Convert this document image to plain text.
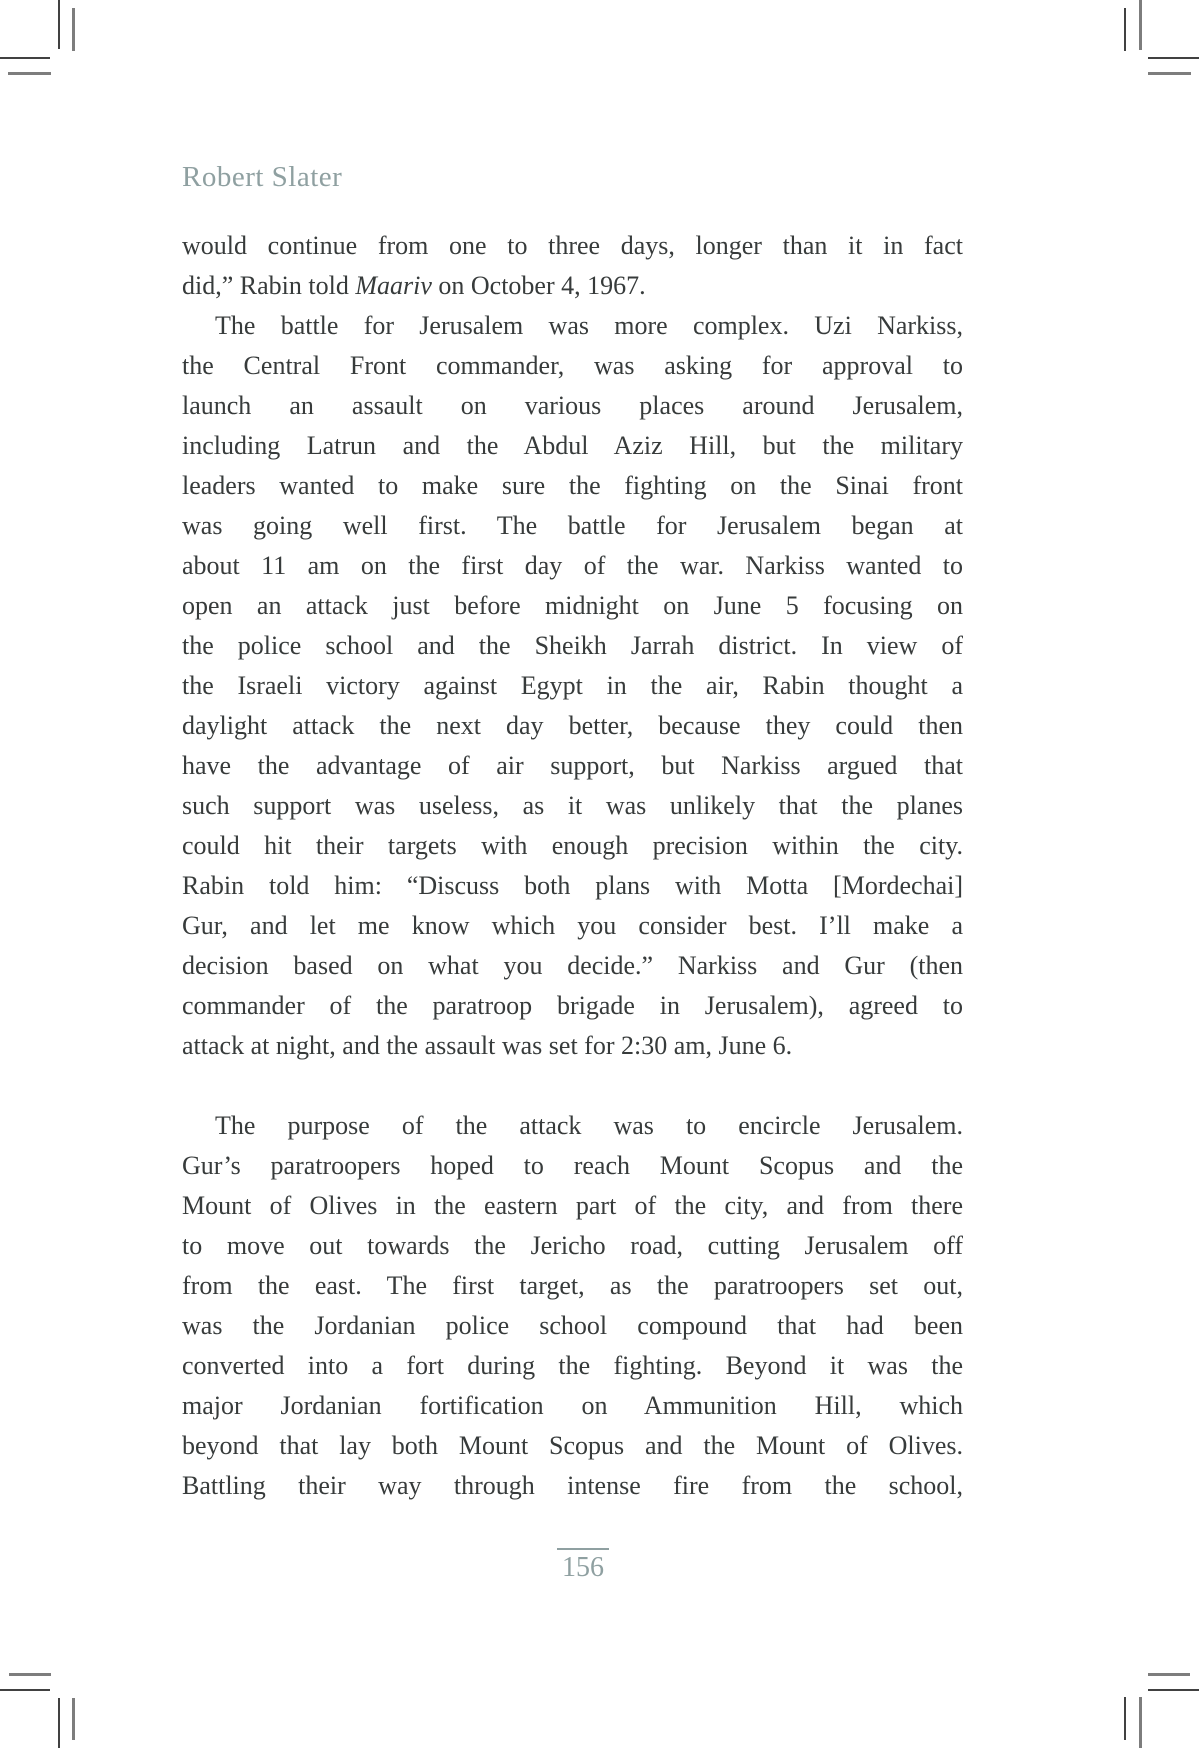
Robert Slater
would continue from one to three days, longer than it in fact
did,” Rabin told Maariv on October 4, 1967.
The battle for Jerusalem was more complex. Uzi Narkiss,
the Central Front commander, was asking for approval to
launch an assault on various places around Jerusalem,
including Latrun and the Abdul Aziz Hill, but the military
leaders wanted to make sure the fighting on the Sinai front
was going well first. The battle for Jerusalem began at
about 11 am on the first day of the war. Narkiss wanted to
open an attack just before midnight on June 5 focusing on
the police school and the Sheikh Jarrah district. In view of
the Israeli victory against Egypt in the air, Rabin thought a
daylight attack the next day better, because they could then
have the advantage of air support, but Narkiss argued that
such support was useless, as it was unlikely that the planes
could hit their targets with enough precision within the city.
Rabin told him: “Discuss both plans with Motta [Mordechai]
Gur, and let me know which you consider best. I’ll make a
decision based on what you decide.” Narkiss and Gur (then
commander of the paratroop brigade in Jerusalem), agreed to
attack at night, and the assault was set for 2:30 am, June 6.
The purpose of the attack was to encircle Jerusalem.
Gur’s paratroopers hoped to reach Mount Scopus and the
Mount of Olives in the eastern part of the city, and from there
to move out towards the Jericho road, cutting Jerusalem off
from the east. The first target, as the paratroopers set out,
was the Jordanian police school compound that had been
converted into a fort during the fighting. Beyond it was the
major Jordanian fortification on Ammunition Hill, which
beyond that lay both Mount Scopus and the Mount of Olives.
Battling their way through intense fire from the school,
156
